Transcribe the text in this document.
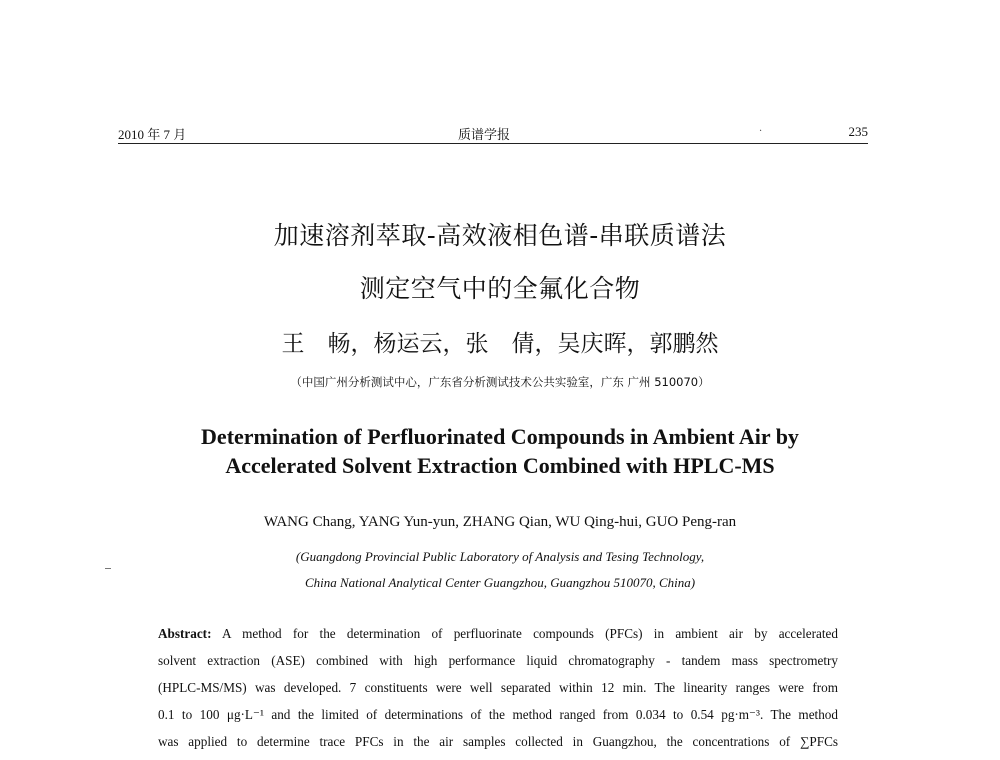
2010 年 7 月	质谱学报	235
·
加速溶剂萃取-高效液相色谱-串联质谱法
测定空气中的全氟化合物
王　畅，杨运云，张　倩，吴庆晖，郭鹏然
（中国广州分析测试中心，广东省分析测试技术公共实验室，广东 广州 510070）
Determination of Perfluorinated Compounds in Ambient Air by
Accelerated Solvent Extraction Combined with HPLC-MS
WANG Chang, YANG Yun-yun, ZHANG Qian, WU Qing-hui, GUO Peng-ran
(Guangdong Provincial Public Laboratory of Analysis and Tesing Technology,
China National Analytical Center Guangzhou, Guangzhou 510070, China)
Abstract: A method for the determination of perfluorinate compounds (PFCs) in ambient air by accelerated
solvent extraction (ASE) combined with high performance liquid chromatography - tandem mass spectrometry
(HPLC-MS/MS) was developed. 7 constituents were well separated within 12 min. The linearity ranges were from
0.1 to 100 μg·L⁻¹ and the limited of determinations of the method ranged from 0.034 to 0.54 pg·m⁻³. The method
was applied to determine trace PFCs in the air samples collected in Guangzhou, the concentrations of ∑PFCs
